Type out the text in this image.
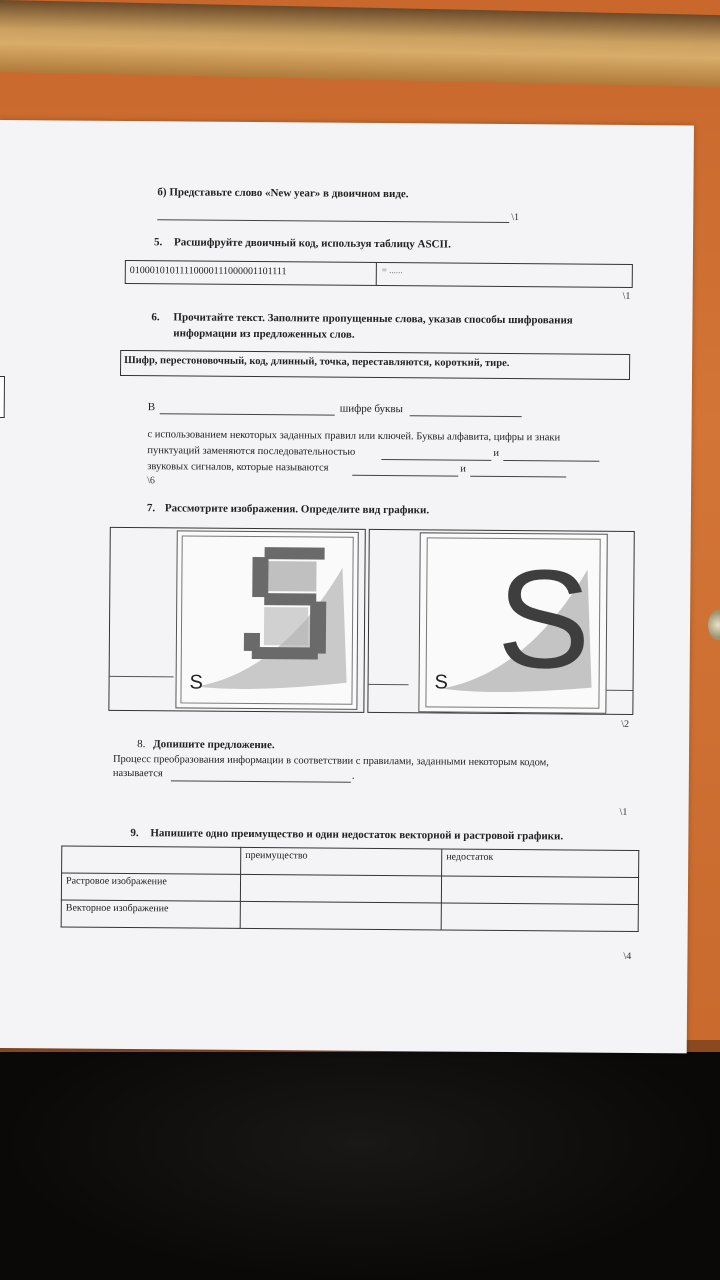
б) Представьте слово «New year» в двоичном виде.
\1
5. Расшифруйте двоичный код, используя таблицу ASCII.
01000101011110000111000001101111	= ......
\1
6. Прочитайте текст. Заполните пропущенные слова, указав способы шифрования
информации из предложенных слов.
Шифр, перестоновочный, код, длинный, точка, переставляются, короткий, тире.
В	шифре буквы
с использованием некоторых заданных правил или ключей. Буквы алфавита, цифры и знаки
пунктуаций заменяются последовательностью	и
звуковых сигналов, которые называются	и
\6
7. Рассмотрите изображения. Определите вид графики.
S S
S
\2
8. Допишите предложение.
Процесс преобразования информации в соответствии с правилами, заданными некоторым кодом,
называется	.
\1
9. Напишите одно преимущество и один недостаток векторной и растровой графики.
	преимущество	недостаток
Растровое изображение		
Векторное изображение		
\4
